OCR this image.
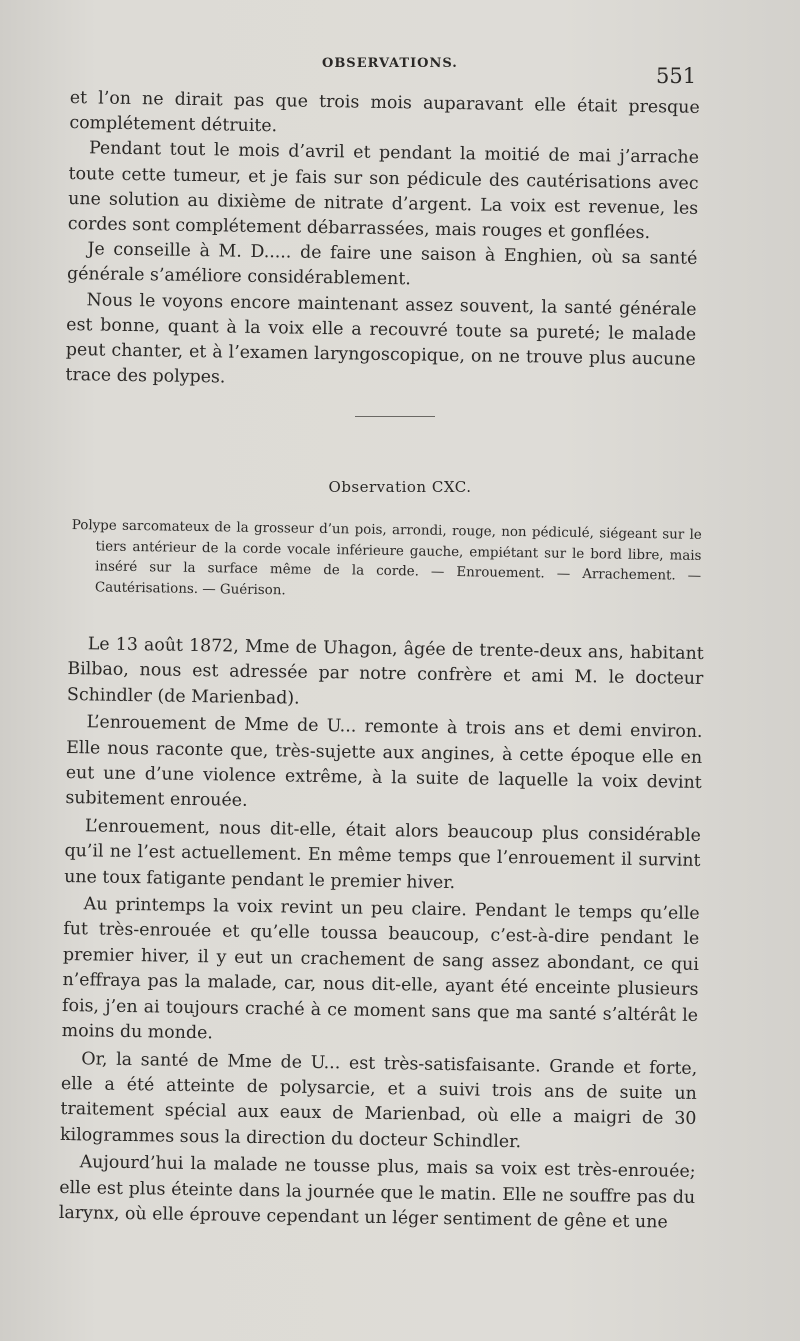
OBSERVATIONS.
551

et l’on ne dirait pas que trois mois auparavant elle était presque complétement détruite.

Pendant tout le mois d’avril et pendant la moitié de mai j’arrache toute cette tumeur, et je fais sur son pédicule des cautérisations avec une solution au dixième de nitrate d’argent. La voix est revenue, les cordes sont complétement débarrassées, mais rouges et gonflées.

Je conseille à M. D..... de faire une saison à Enghien, où sa santé générale s’améliore considérablement.

Nous le voyons encore maintenant assez souvent, la santé générale est bonne, quant à la voix elle a recouvré toute sa pureté; le malade peut chanter, et à l’examen laryngoscopique, on ne trouve plus aucune trace des polypes.

Observation CXC.

Polype sarcomateux de la grosseur d’un pois, arrondi, rouge, non pédiculé, siégeant sur le tiers antérieur de la corde vocale inférieure gauche, empiétant sur le bord libre, mais inséré sur la surface même de la corde. — Enrouement. — Arrachement. — Cautérisations. — Guérison.

Le 13 août 1872, Mme de Uhagon, âgée de trente-deux ans, habitant Bilbao, nous est adressée par notre confrère et ami M. le docteur Schindler (de Marienbad).

L’enrouement de Mme de U... remonte à trois ans et demi environ. Elle nous raconte que, très-sujette aux angines, à cette époque elle en eut une d’une violence extrême, à la suite de laquelle la voix devint subitement enrouée.

L’enrouement, nous dit-elle, était alors beaucoup plus considérable qu’il ne l’est actuellement. En même temps que l’enrouement il survint une toux fatigante pendant le premier hiver.

Au printemps la voix revint un peu claire. Pendant le temps qu’elle fut très-enrouée et qu’elle toussa beaucoup, c’est-à-dire pendant le premier hiver, il y eut un crachement de sang assez abondant, ce qui n’effraya pas la malade, car, nous dit-elle, ayant été enceinte plusieurs fois, j’en ai toujours craché à ce moment sans que ma santé s’altérât le moins du monde.

Or, la santé de Mme de U... est très-satisfaisante. Grande et forte, elle a été atteinte de polysarcie, et a suivi trois ans de suite un traitement spécial aux eaux de Marienbad, où elle a maigri de 30 kilogrammes sous la direction du docteur Schindler.

Aujourd’hui la malade ne tousse plus, mais sa voix est très-enrouée; elle est plus éteinte dans la journée que le matin. Elle ne souffre pas du larynx, où elle éprouve cependant un léger sentiment de gêne et une
